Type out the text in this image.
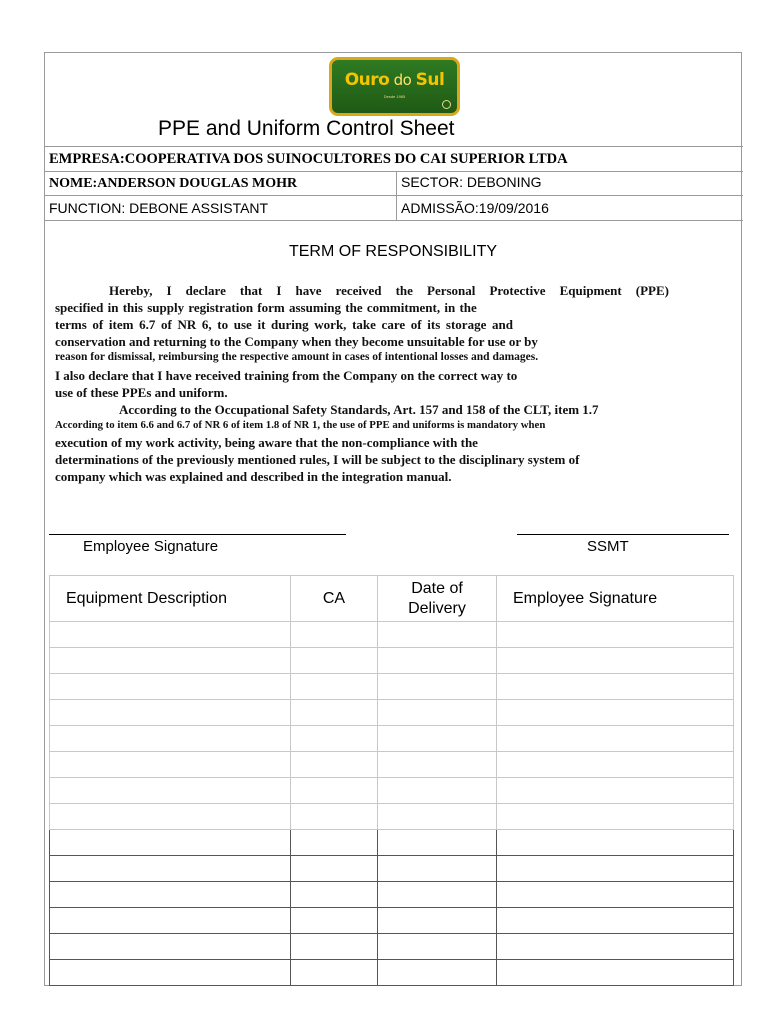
Ouro do Sul
Desde 1965
PPE and Uniform Control Sheet
EMPRESA:COOPERATIVA DOS SUINOCULTORES DO CAI SUPERIOR LTDA
NOME:ANDERSON DOUGLAS MOHR	SECTOR: DEBONING
FUNCTION: DEBONE ASSISTANT	ADMISSÃO:19/09/2016
TERM OF RESPONSIBILITY
Hereby, I declare that I have received the Personal Protective Equipment (PPE)
specified in this supply registration form assuming the commitment, in the
terms of item 6.7 of NR 6, to use it during work, take care of its storage and
conservation and returning to the Company when they become unsuitable for use or by
reason for dismissal, reimbursing the respective amount in cases of intentional losses and damages.
I also declare that I have received training from the Company on the correct way to
use of these PPEs and uniform.
According to the Occupational Safety Standards, Art. 157 and 158 of the CLT, item 1.7
According to item 6.6 and 6.7 of NR 6 of item 1.8 of NR 1, the use of PPE and uniforms is mandatory when
execution of my work activity, being aware that the non-compliance with the
determinations of the previously mentioned rules, I will be subject to the disciplinary system of
company which was explained and described in the integration manual.
Employee Signature	SSMT
Equipment Description	CA	Date of Delivery	Employee Signature
